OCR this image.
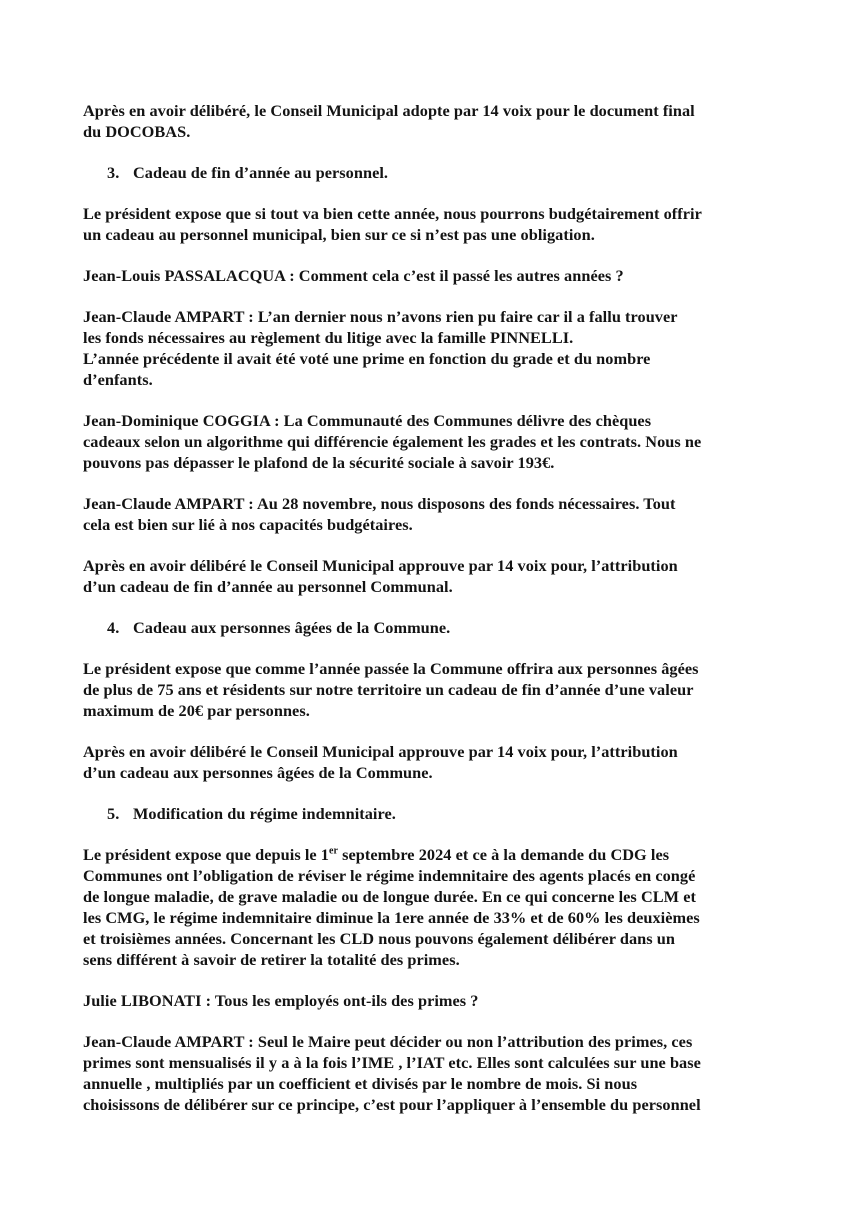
Après en avoir délibéré, le Conseil Municipal adopte par 14 voix pour le document final
du DOCOBAS.

3. Cadeau de fin d’année au personnel.

Le président expose que si tout va bien cette année, nous pourrons budgétairement offrir
un cadeau au personnel municipal, bien sur ce si n’est pas une obligation.

Jean-Louis PASSALACQUA : Comment cela c’est il passé les autres années ?

Jean-Claude AMPART : L’an dernier nous n’avons rien pu faire car il a fallu trouver
les fonds nécessaires au règlement du litige avec la famille PINNELLI.
L’année précédente il avait été voté une prime en fonction du grade et du nombre
d’enfants.

Jean-Dominique COGGIA : La Communauté des Communes délivre des chèques
cadeaux selon un algorithme qui différencie également les grades et les contrats. Nous ne
pouvons pas dépasser le plafond de la sécurité sociale à savoir 193€.

Jean-Claude AMPART : Au 28 novembre, nous disposons des fonds nécessaires. Tout
cela est bien sur lié à nos capacités budgétaires.

Après en avoir délibéré le Conseil Municipal approuve par 14 voix pour, l’attribution
d’un cadeau de fin d’année au personnel Communal.

4. Cadeau aux personnes âgées de la Commune.

Le président expose que comme l’année passée la Commune offrira aux personnes âgées
de plus de 75 ans et résidents sur notre territoire un cadeau de fin d’année d’une valeur
maximum de 20€ par personnes.

Après en avoir délibéré le Conseil Municipal approuve par 14 voix pour, l’attribution
d’un cadeau aux personnes âgées de la Commune.

5. Modification du régime indemnitaire.

Le président expose que depuis le 1er septembre 2024 et ce à la demande du CDG les
Communes ont l’obligation de réviser le régime indemnitaire des agents placés en congé
de longue maladie, de grave maladie ou de longue durée. En ce qui concerne les CLM et
les CMG, le régime indemnitaire diminue la 1ere année de 33% et de 60% les deuxièmes
et troisièmes années. Concernant les CLD nous pouvons également délibérer dans un
sens différent à savoir de retirer la totalité des primes.

Julie LIBONATI : Tous les employés ont-ils des primes ?

Jean-Claude AMPART : Seul le Maire peut décider ou non l’attribution des primes, ces
primes sont mensualisés il y a à la fois l’IME , l’IAT etc. Elles sont calculées sur une base
annuelle , multipliés par un coefficient et divisés par le nombre de mois. Si nous
choisissons de délibérer sur ce principe, c’est pour l’appliquer à l’ensemble du personnel
